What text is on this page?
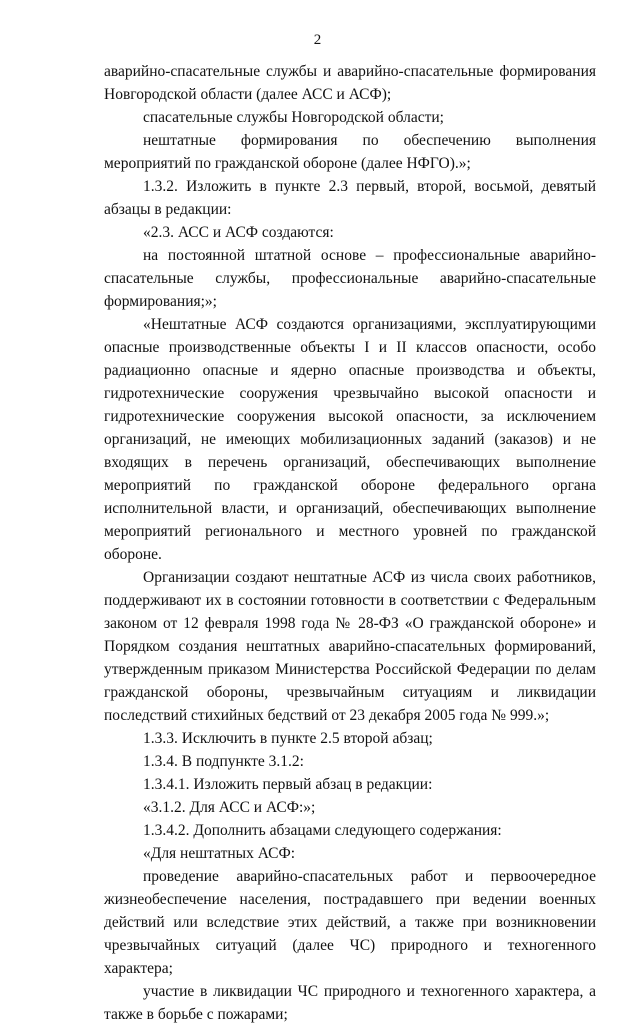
2

аварийно-спасательные службы и аварийно-спасательные формирования Новгородской области (далее АСС и АСФ);

спасательные службы Новгородской области;

нештатные формирования по обеспечению выполнения мероприятий по гражданской обороне (далее НФГО).»;

1.3.2. Изложить в пункте 2.3 первый, второй, восьмой, девятый абзацы в редакции:

«2.3. АСС и АСФ создаются:

на постоянной штатной основе – профессиональные аварийно-спасательные службы, профессиональные аварийно-спасательные формирования;»;

«Нештатные АСФ создаются организациями, эксплуатирующими опасные производственные объекты I и II классов опасности, особо радиационно опасные и ядерно опасные производства и объекты, гидротехнические сооружения чрезвычайно высокой опасности и гидротехнические сооружения высокой опасности, за исключением организаций, не имеющих мобилизационных заданий (заказов) и не входящих в перечень организаций, обеспечивающих выполнение мероприятий по гражданской обороне федерального органа исполнительной власти, и организаций, обеспечивающих выполнение мероприятий регионального и местного уровней по гражданской обороне.

Организации создают нештатные АСФ из числа своих работников, поддерживают их в состоянии готовности в соответствии с Федеральным законом от 12 февраля 1998 года № 28-ФЗ «О гражданской обороне» и Порядком создания нештатных аварийно-спасательных формирований, утвержденным приказом Министерства Российской Федерации по делам гражданской обороны, чрезвычайным ситуациям и ликвидации последствий стихийных бедствий от 23 декабря 2005 года № 999.»;

1.3.3. Исключить в пункте 2.5 второй абзац;

1.3.4. В подпункте 3.1.2:

1.3.4.1. Изложить первый абзац в редакции:

«3.1.2. Для АСС и АСФ:»;

1.3.4.2. Дополнить абзацами следующего содержания:

«Для нештатных АСФ:

проведение аварийно-спасательных работ и первоочередное жизнеобеспечение населения, пострадавшего при ведении военных действий или вследствие этих действий, а также при возникновении чрезвычайных ситуаций (далее ЧС) природного и техногенного характера;

участие в ликвидации ЧС природного и техногенного характера, а также в борьбе с пожарами;
